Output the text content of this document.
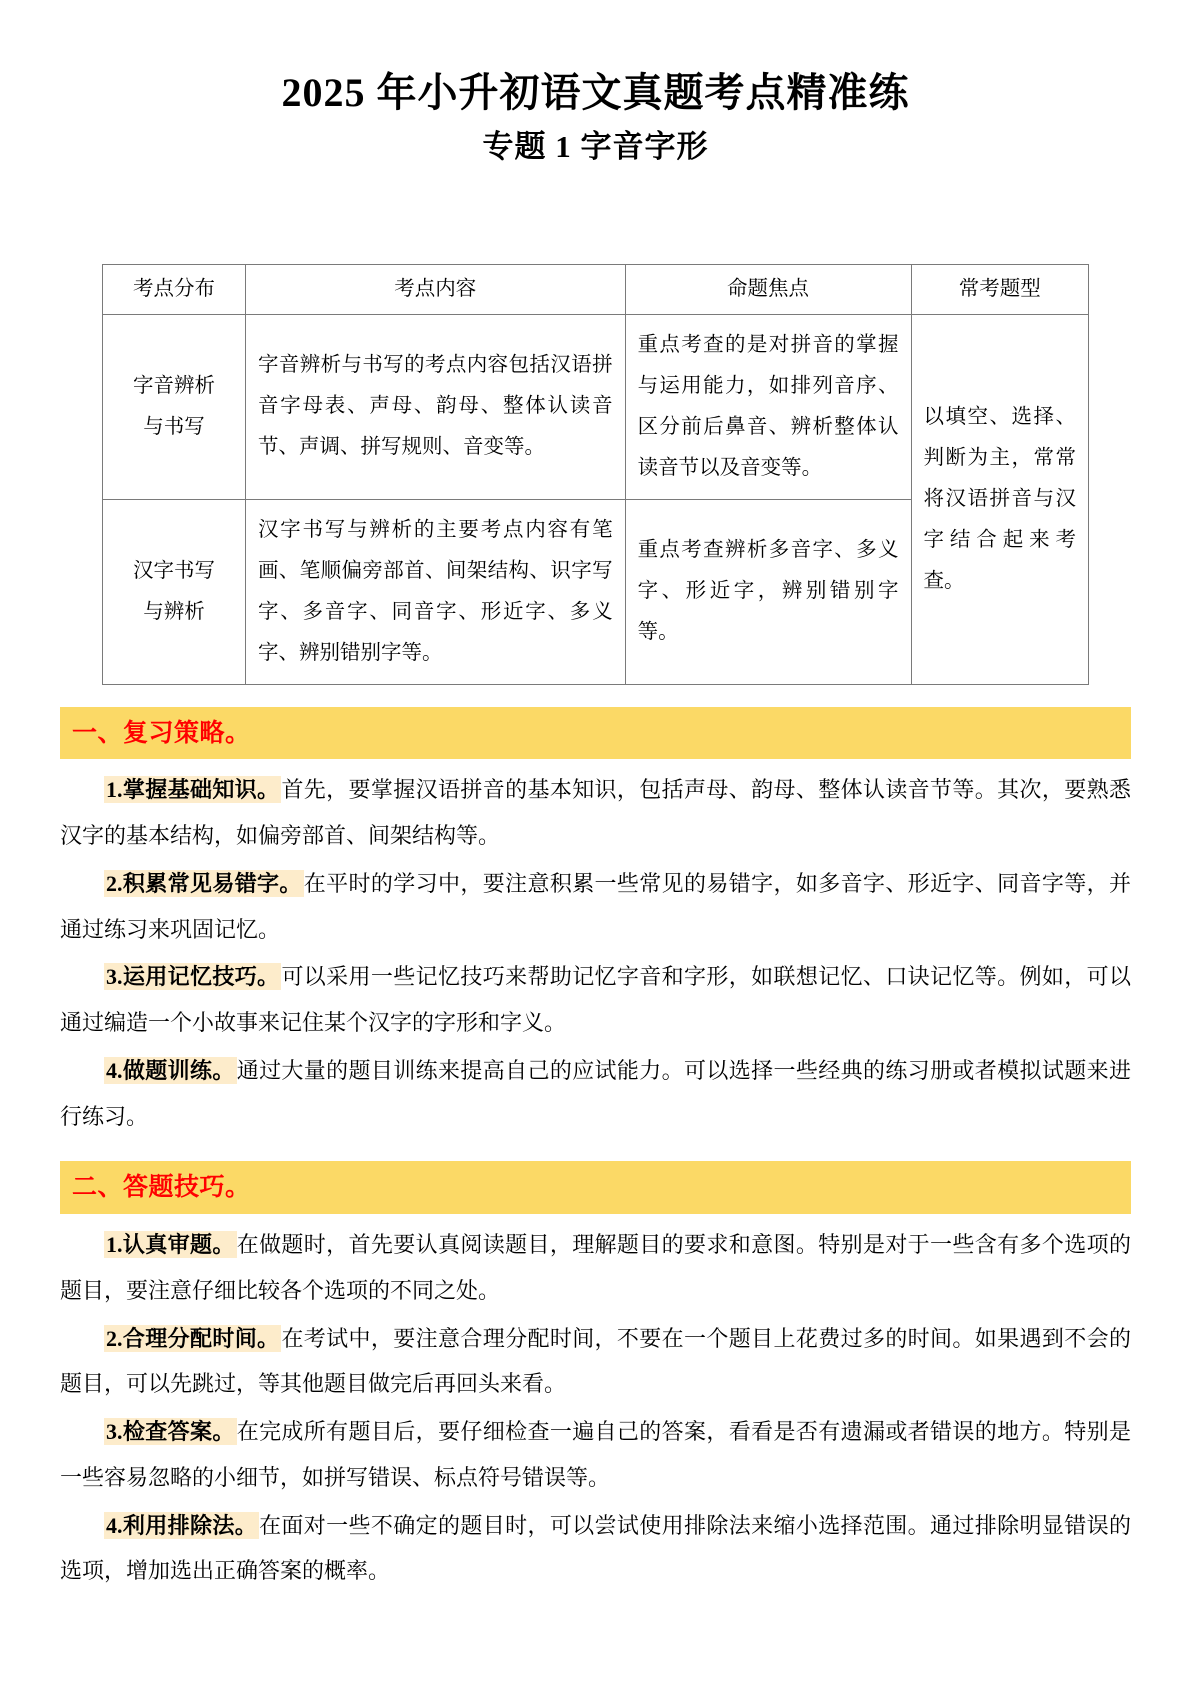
2025 年小升初语文真题考点精准练
专题 1 字音字形
考点分布	考点内容	命题焦点	常考题型

字音辨析
与书写	字音辨析与书写的考点内容包括汉语拼音字母表、声母、韵母、整体认读音节、声调、拼写规则、音变等。	重点考查的是对拼音的掌握与运用能力，如排列音序、区分前后鼻音、辨析整体认读音节以及音变等。	以填空、选择、判断为主，常常将汉语拼音与汉字结合起来考查。

汉字书写
与辨析	汉字书写与辨析的主要考点内容有笔画、笔顺偏旁部首、间架结构、识字写字、多音字、同音字、形近字、多义字、辨别错别字等。	重点考查辨析多音字、多义字、形近字，辨别错别字等。	
一、复习策略。

1.掌握基础知识。首先，要掌握汉语拼音的基本知识，包括声母、韵母、整体认读音节等。其次，要熟悉汉字的基本结构，如偏旁部首、间架结构等。

2.积累常见易错字。在平时的学习中，要注意积累一些常见的易错字，如多音字、形近字、同音字等，并通过练习来巩固记忆。

3.运用记忆技巧。可以采用一些记忆技巧来帮助记忆字音和字形，如联想记忆、口诀记忆等。例如，可以通过编造一个小故事来记住某个汉字的字形和字义。

4.做题训练。通过大量的题目训练来提高自己的应试能力。可以选择一些经典的练习册或者模拟试题来进行练习。

二、答题技巧。

1.认真审题。在做题时，首先要认真阅读题目，理解题目的要求和意图。特别是对于一些含有多个选项的题目，要注意仔细比较各个选项的不同之处。

2.合理分配时间。在考试中，要注意合理分配时间，不要在一个题目上花费过多的时间。如果遇到不会的题目，可以先跳过，等其他题目做完后再回头来看。

3.检查答案。在完成所有题目后，要仔细检查一遍自己的答案，看看是否有遗漏或者错误的地方。特别是一些容易忽略的小细节，如拼写错误、标点符号错误等。

4.利用排除法。在面对一些不确定的题目时，可以尝试使用排除法来缩小选择范围。通过排除明显错误的选项，增加选出正确答案的概率。
